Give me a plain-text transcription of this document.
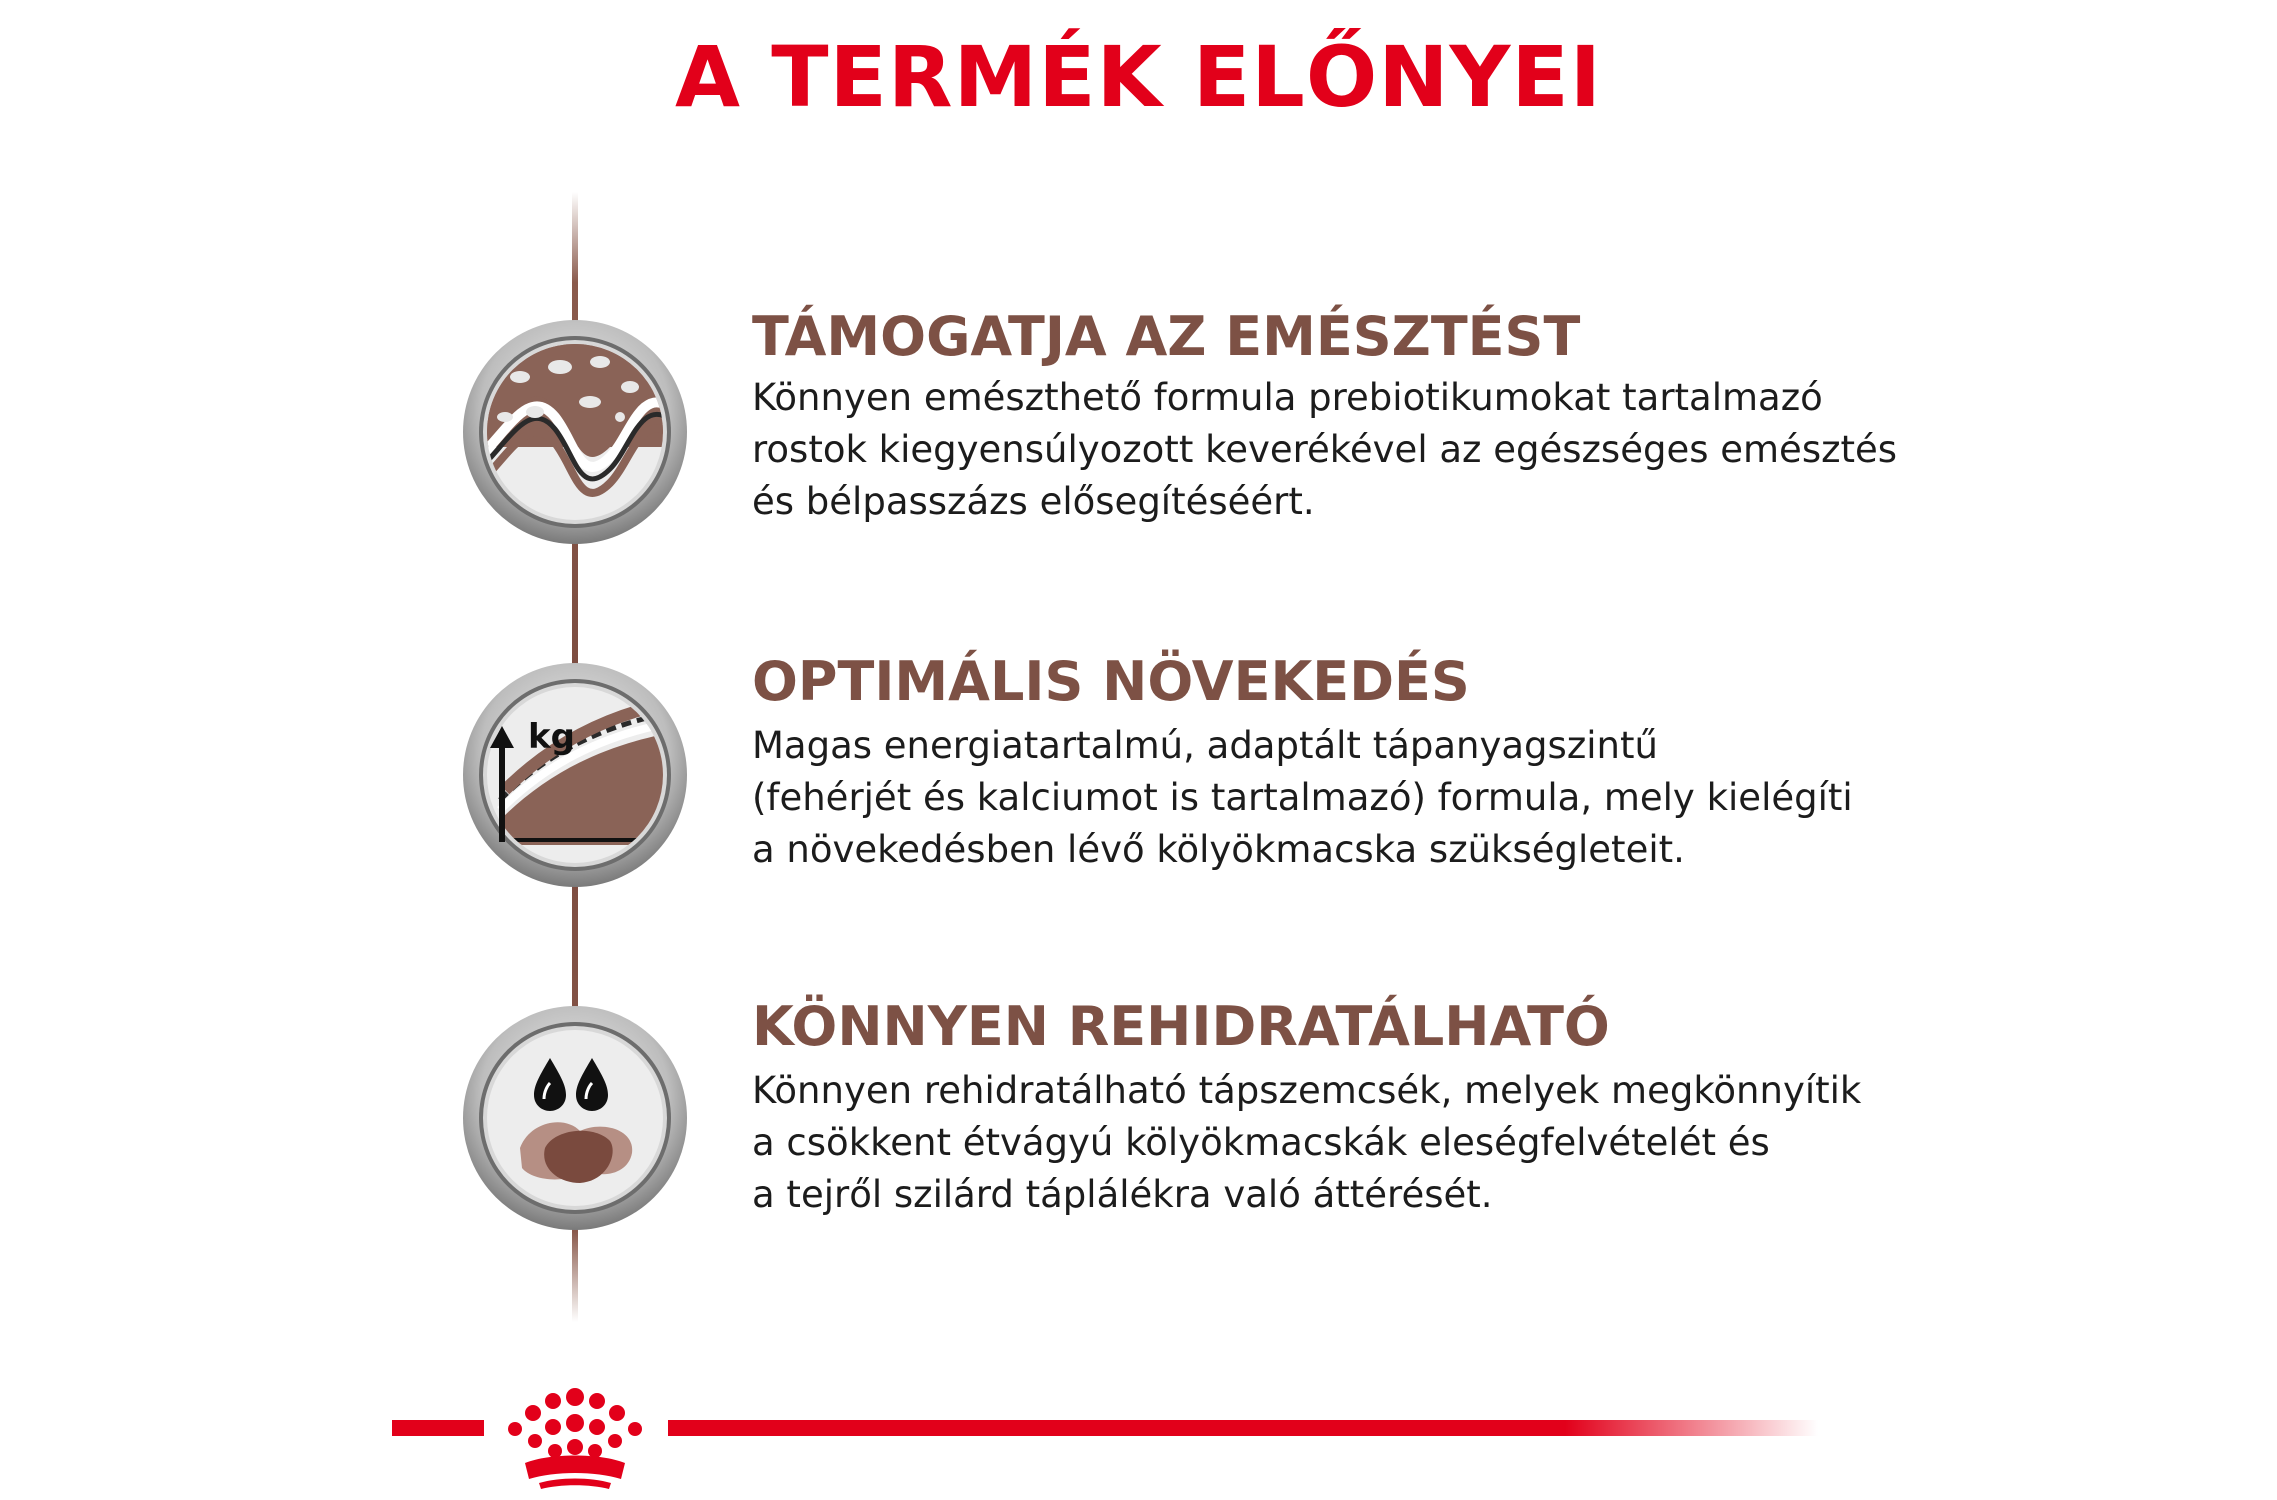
A TERMÉK ELŐNYEI
TÁMOGATJA AZ EMÉSZTÉST

Könnyen emészthető formula prebiotikumokat tartalmazó
rostok kiegyensúlyozott keverékével az egészséges emésztés
és bélpasszázs elősegítéséért.

kg
OPTIMÁLIS NÖVEKEDÉS

Magas energiatartalmú, adaptált tápanyagszintű
(fehérjét és kalciumot is tartalmazó) formula, mely kielégíti
a növekedésben lévő kölyökmacska szükségleteit.

KÖNNYEN REHIDRATÁLHATÓ

Könnyen rehidratálható tápszemcsék, melyek megkönnyítik
a csökkent étvágyú kölyökmacskák eleségfelvételét és
a tejről szilárd táplálékra való áttérését.
